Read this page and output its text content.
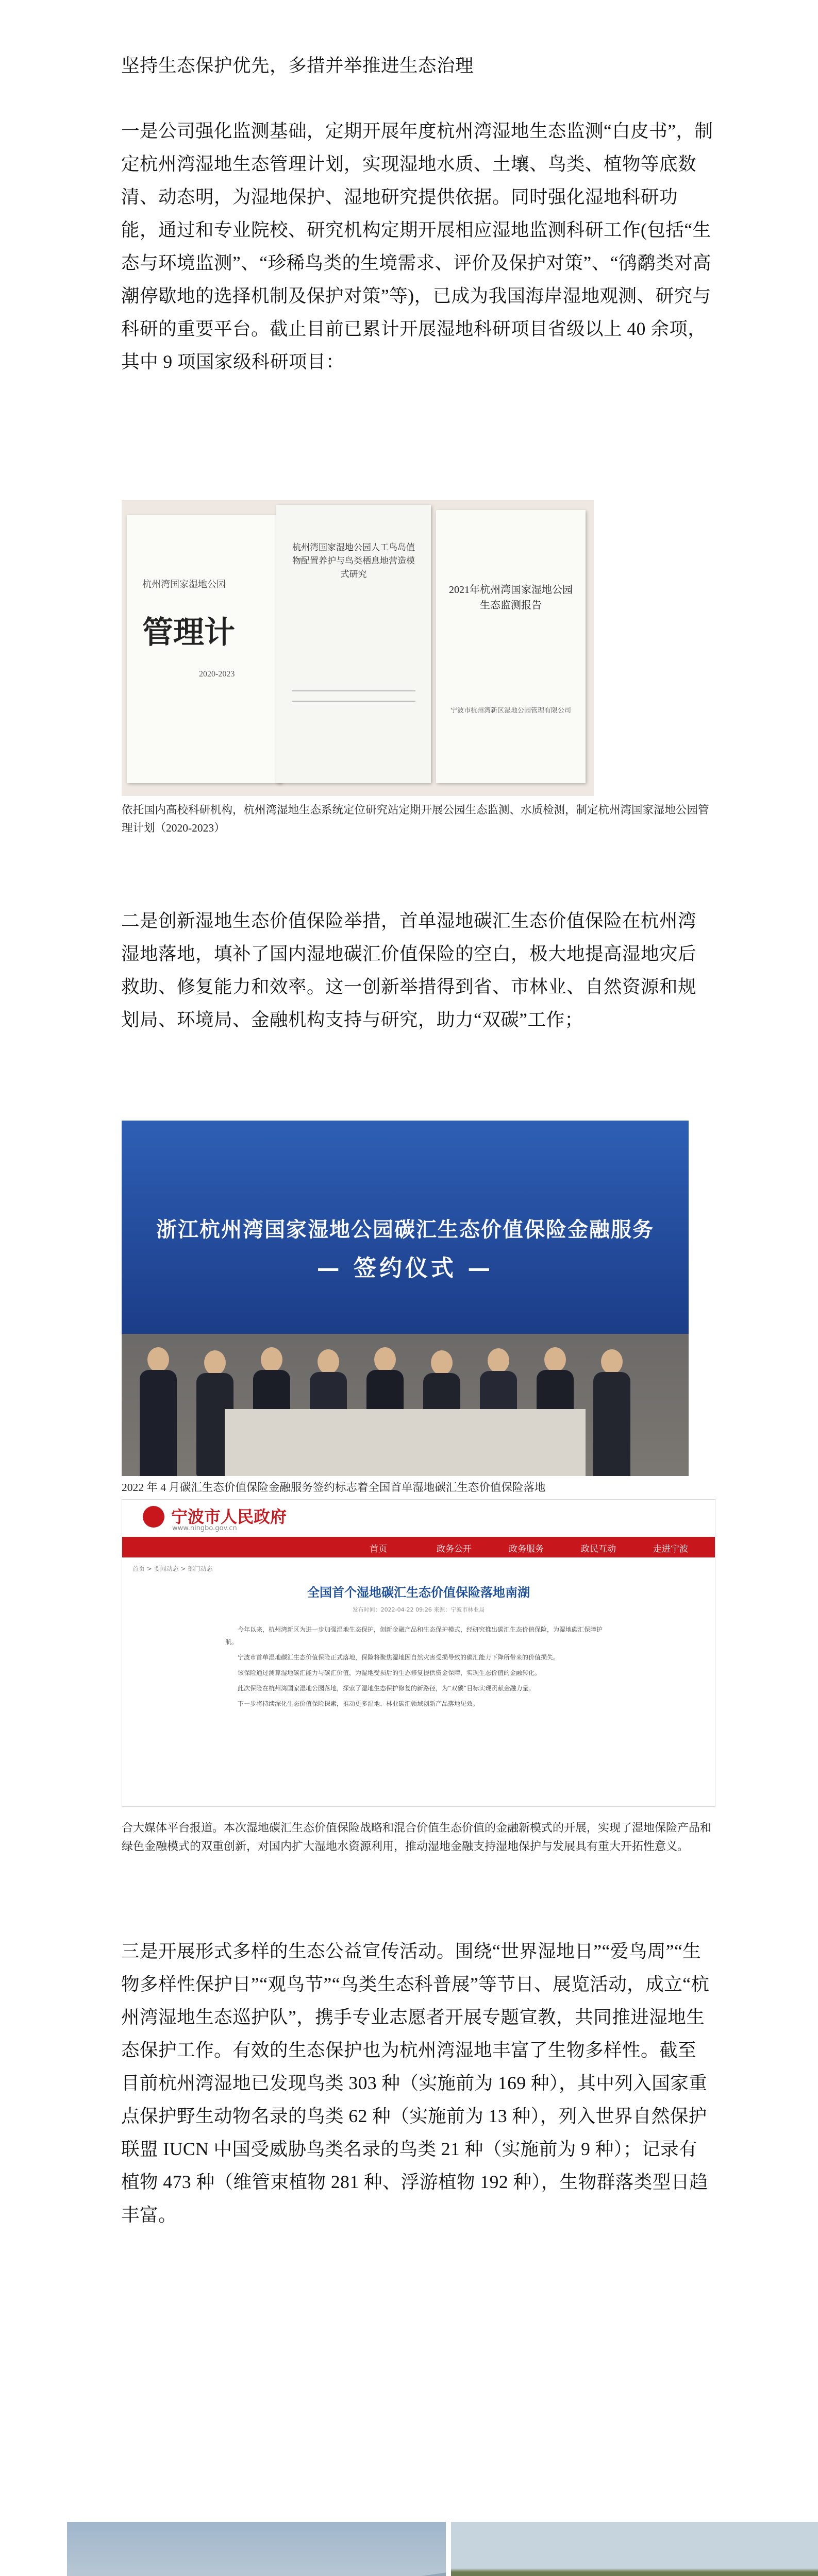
坚持生态保护优先，多措并举推进生态治理

一是公司强化监测基础，定期开展年度杭州湾湿地生态监测“白皮书”，制定杭州湾湿地生态管理计划，实现湿地水质、土壤、鸟类、植物等底数清、动态明，为湿地保护、湿地研究提供依据。同时强化湿地科研功能，通过和专业院校、研究机构定期开展相应湿地监测科研工作(包括“生态与环境监测”、“珍稀鸟类的生境需求、评价及保护对策”、“鸻鹬类对高潮停歇地的选择机制及保护对策”等)，已成为我国海岸湿地观测、研究与科研的重要平台。截止目前已累计开展湿地科研项目省级以上 40 余项，其中 9 项国家级科研项目：

管理计
杭州湾国家湿地公园
2020-2023
杭州湾国家湿地公园人工鸟岛值物配置养护与鸟类栖息地营造模式研究
2021年杭州湾国家湿地公园生态监测报告
宁波市杭州湾新区湿地公园管理有限公司

依托国内高校科研机构，杭州湾湿地生态系统定位研究站定期开展公园生态监测、水质检测，制定杭州湾国家湿地公园管理计划（2020-2023）

二是创新湿地生态价值保险举措，首单湿地碳汇生态价值保险在杭州湾湿地落地，填补了国内湿地碳汇价值保险的空白，极大地提高湿地灾后救助、修复能力和效率。这一创新举措得到省、市林业、自然资源和规划局、环境局、金融机构支持与研究，助力“双碳”工作；

浙江杭州湾国家湿地公园碳汇生态价值保险金融服务
— 签约仪式 —

2022 年 4 月碳汇生态价值保险金融服务签约标志着全国首单湿地碳汇生态价值保险落地

宁波市人民政府
www.ningbo.gov.cn
首页	政务公开	政务服务	政民互动	走进宁波
首页 > 要闻动态 > 部门动态
全国首个湿地碳汇生态价值保险落地南湖
发布时间：2022-04-22 09:26 来源：宁波市林业局
今年以来，杭州湾新区为进一步加强湿地生态保护，创新金融产品和生态保护模式，经研究推出碳汇生态价值保险，为湿地碳汇保障护航。
宁波市首单湿地碳汇生态价值保险正式落地，保险将聚焦湿地因自然灾害受损导致的碳汇能力下降所带来的价值损失。
该保险通过测算湿地碳汇能力与碳汇价值，为湿地受损后的生态修复提供资金保障，实现生态价值的金融转化。
此次保险在杭州湾国家湿地公园落地，探索了湿地生态保护修复的新路径，为“双碳”目标实现贡献金融力量。
下一步将持续深化生态价值保险探索，推动更多湿地、林业碳汇领域创新产品落地见效。

合大媒体平台报道。本次湿地碳汇生态价值保险战略和混合价值生态价值的金融新模式的开展，实现了湿地保险产品和绿色金融模式的双重创新，对国内扩大湿地水资源利用，推动湿地金融支持湿地保护与发展具有重大开拓性意义。

三是开展形式多样的生态公益宣传活动。围绕“世界湿地日”“爱鸟周”“生物多样性保护日”“观鸟节”“鸟类生态科普展”等节日、展览活动，成立“杭州湾湿地生态巡护队”，携手专业志愿者开展专题宣教，共同推进湿地生态保护工作。有效的生态保护也为杭州湾湿地丰富了生物多样性。截至目前杭州湾湿地已发现鸟类 303 种（实施前为 169 种），其中列入国家重点保护野生动物名录的鸟类 62 种（实施前为 13 种），列入世界自然保护联盟 IUCN 中国受威胁鸟类名录的鸟类 21 种（实施前为 9 种）；记录有植物 473 种（维管束植物 281 种、浮游植物 192 种），生物群落类型日趋丰富。
